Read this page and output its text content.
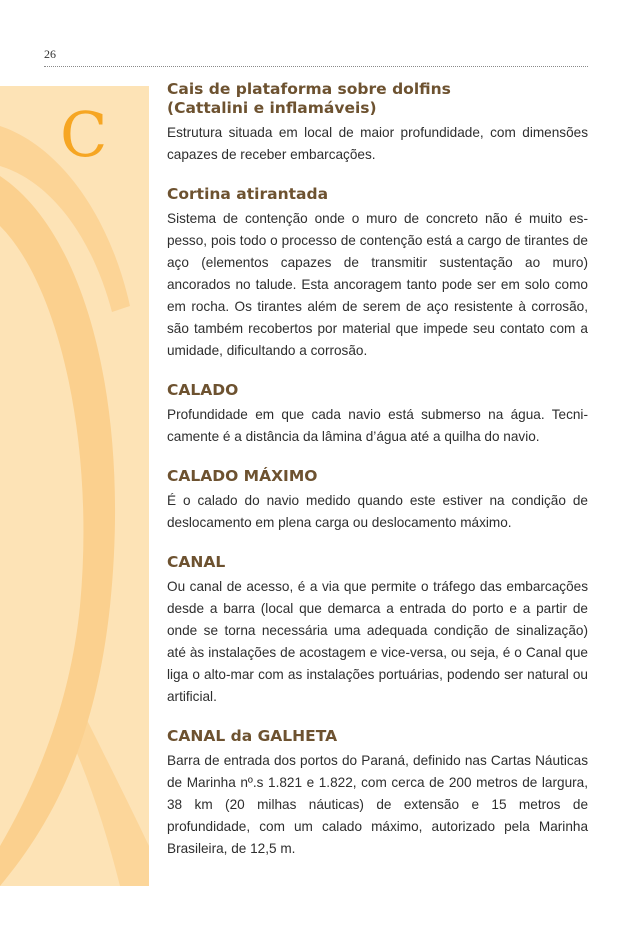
26
C
Cais de plataforma sobre dolfins
(Cattalini e inflamáveis)

Estrutura situada em local de maior profundidade, com dimensões capazes de receber embarcações.

Cortina atirantada

Sistema de contenção onde o muro de concreto não é muito espesso, pois todo o processo de contenção está a cargo de tirantes de aço (elementos capazes de transmitir sustentação ao muro) ancorados no talude. Esta ancoragem tanto pode ser em solo como em rocha. Os tirantes além de serem de aço resistente à corrosão, são também recobertos por material que impede seu contato com a umidade, dificultando a corrosão.

CALADO

Profundidade em que cada navio está submerso na água. Tecnicamente é a distância da lâmina d’água até a quilha do navio.

CALADO MÁXIMO

É o calado do navio medido quando este estiver na condição de deslocamento em plena carga ou deslocamento máximo.

CANAL

Ou canal de acesso, é a via que permite o tráfego das embarcações desde a barra (local que demarca a entrada do porto e a partir de onde se torna necessária uma adequada condição de sinalização) até às instalações de acostagem e vice-versa, ou seja, é o Canal que liga o alto-mar com as instalações portuárias, podendo ser natural ou artificial.

CANAL da GALHETA

Barra de entrada dos portos do Paraná, definido nas Cartas Náuticas de Marinha nº.s 1.821 e 1.822, com cerca de 200 metros de largura, 38 km (20 milhas náuticas) de extensão e 15 metros de profundidade, com um calado máximo, autorizado pela Marinha Brasileira, de 12,5 m.
